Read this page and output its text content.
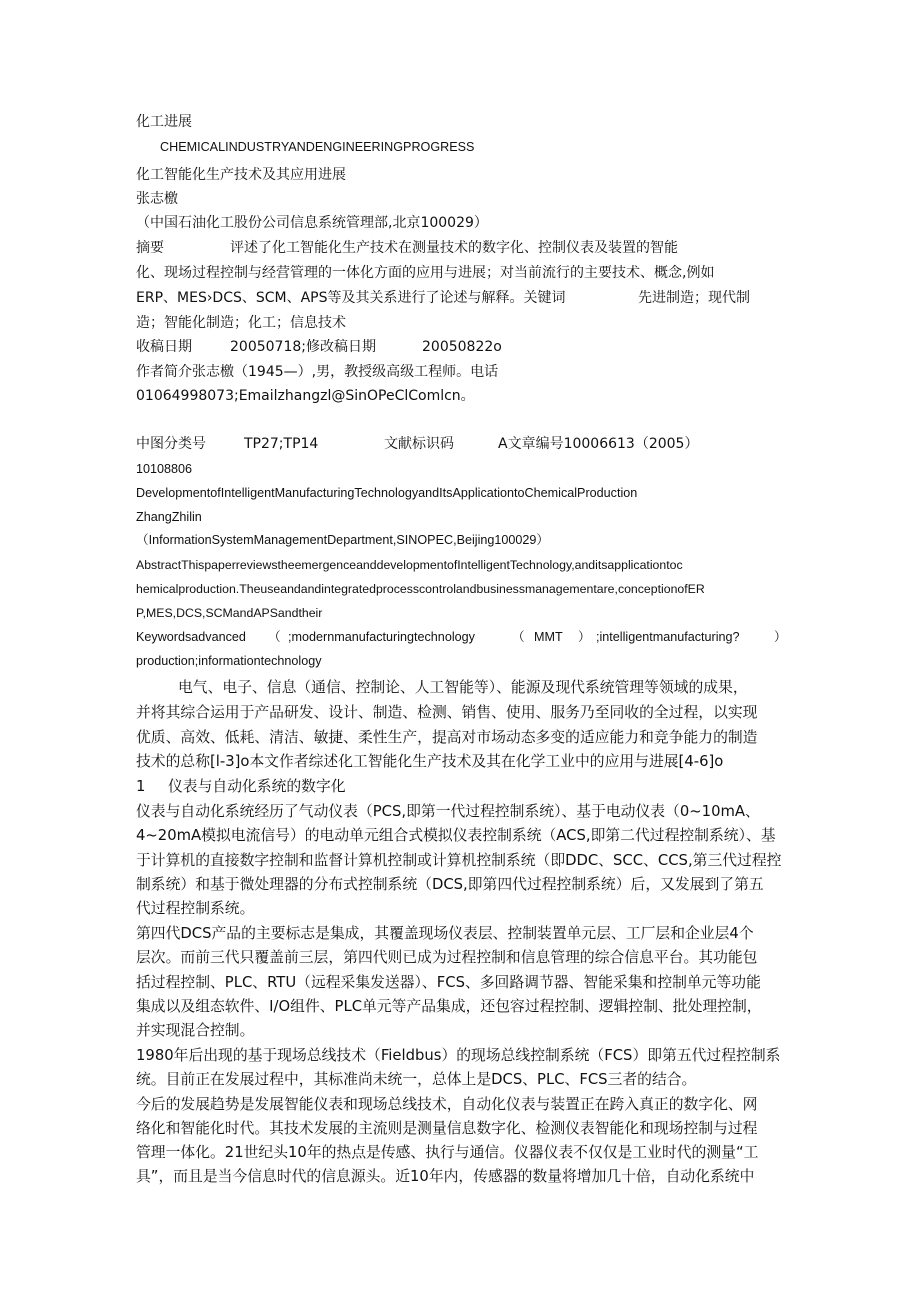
化工进展
CHEMICALINDUSTRYANDENGINEERINGPROGRESS
化工智能化生产技术及其应用进展
张志檄
（中国石油化工股份公司信息系统管理部,北京100029）
摘要	评述了化工智能化生产技术在测量技术的数字化、控制仪表及装置的智能
化、现场过程控制与经营管理的一体化方面的应用与进展；对当前流行的主要技术、概念,例如
ERP、MES›DCS、SCM、APS等及其关系进行了论述与解释。关键词	先进制造；现代制
造；智能化制造；化工；信息技术
收稿日期	20050718;修改稿日期	20050822o
作者简介张志檄（1945—）,男，教授级高级工程师。电话
01064998073;Emailzhangzl@SinOPeClComlcn。
中图分类号	TP27;TP14	文献标识码	A文章编号10006613（2005）
10108806
DevelopmentofIntelligentManufacturingTechnologyandItsApplicationtoChemicalProduction
ZhangZhilin
（InformationSystemManagementDepartment,SINOPEC,Beijing100029）
AbstractThispaperreviewstheemergenceanddevelopmentofIntelligentTechnology,anditsapplicationtoc
hemicalproduction.Theuseandandintegratedprocesscontrolandbusinessmanagementare,conceptionofER
P,MES,DCS,SCMandAPSandtheir
Keywordsadvanced （ ;modernmanufacturingtechnology	（ MMT ） ;intelligentmanufacturing?	）
production;informationtechnology
电气、电子、信息（通信、控制论、人工智能等）、能源及现代系统管理等领域的成果，
并将其综合运用于产品研发、设计、制造、检测、销售、使用、服务乃至同收的全过程，以实现
优质、高效、低耗、清洁、敏捷、柔性生产，提高对市场动态多变的适应能力和竞争能力的制造
技术的总称[l-3]o本文作者综述化工智能化生产技术及其在化学工业中的应用与进展[4-6]o
1 仪表与自动化系统的数字化
仪表与自动化系统经历了气动仪表（PCS,即第一代过程控制系统）、基于电动仪表（0~10mA、
4~20mA模拟电流信号）的电动单元组合式模拟仪表控制系统（ACS,即第二代过程控制系统）、基
于计算机的直接数字控制和监督计算机控制或计算机控制系统（即DDC、SCC、CCS,第三代过程控
制系统）和基于微处理器的分布式控制系统（DCS,即第四代过程控制系统）后，又发展到了第五
代过程控制系统。
第四代DCS产品的主要标志是集成，其覆盖现场仪表层、控制装置单元层、工厂层和企业层4个
层次。而前三代只覆盖前三层，第四代则已成为过程控制和信息管理的综合信息平台。其功能包
括过程控制、PLC、RTU（远程采集发送器）、FCS、多回路调节器、智能采集和控制单元等功能
集成以及组态软件、I/O组件、PLC单元等产品集成，还包容过程控制、逻辑控制、批处理控制，
并实现混合控制。
1980年后出现的基于现场总线技术（Fieldbus）的现场总线控制系统（FCS）即第五代过程控制系
统。目前正在发展过程中，其标准尚未统一，总体上是DCS、PLC、FCS三者的结合。
今后的发展趋势是发展智能仪表和现场总线技术，自动化仪表与装置正在跨入真正的数字化、网
络化和智能化时代。其技术发展的主流则是测量信息数字化、检测仪表智能化和现场控制与过程
管理一体化。21世纪头10年的热点是传感、执行与通信。仪器仪表不仅仅是工业时代的测量“工
具”，而且是当今信息时代的信息源头。近10年内，传感器的数量将增加几十倍，自动化系统中
